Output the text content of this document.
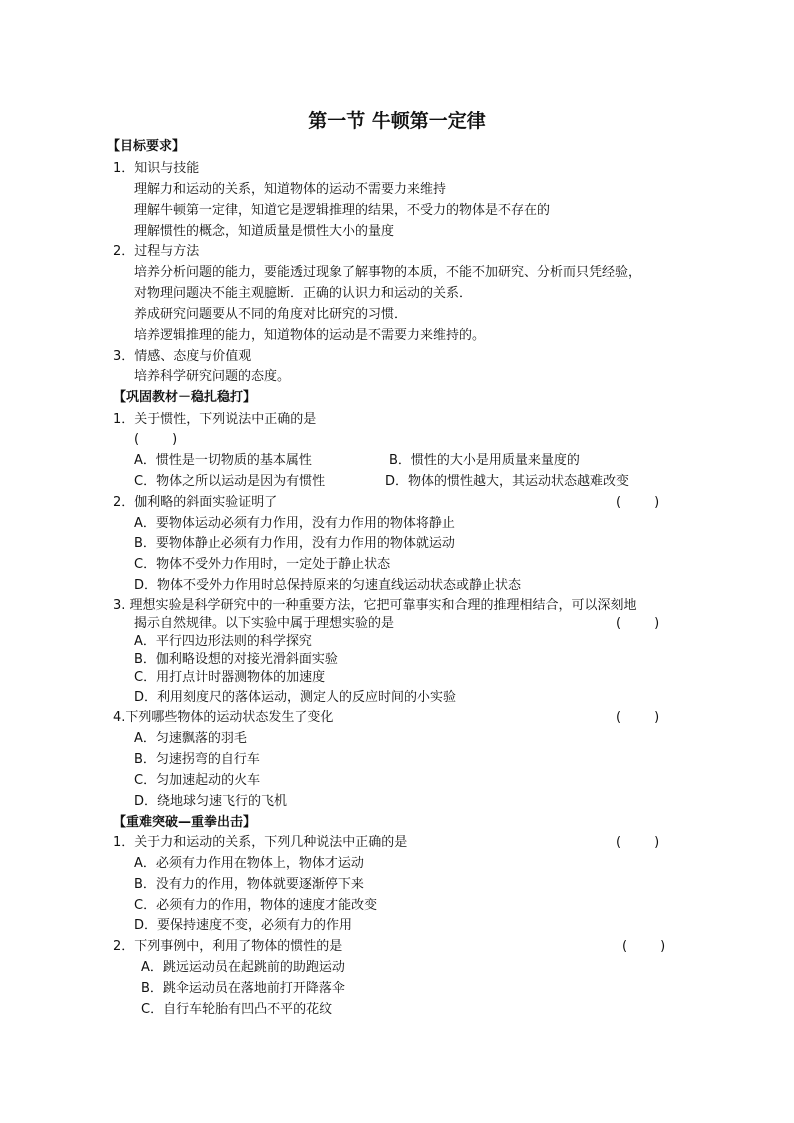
第一节 牛顿第一定律
【目标要求】
1．知识与技能
理解力和运动的关系，知道物体的运动不需要力来维持
理解牛顿第一定律，知道它是逻辑推理的结果，不受力的物体是不存在的
理解惯性的概念，知道质量是惯性大小的量度
2．过程与方法
培养分析问题的能力，要能透过现象了解事物的本质，不能不加研究、分析而只凭经验，
对物理问题决不能主观臆断．正确的认识力和运动的关系．
养成研究问题要从不同的角度对比研究的习惯．
培养逻辑推理的能力，知道物体的运动是不需要力来维持的。
3．情感、态度与价值观
培养科学研究问题的态度。
【巩固教材－稳扎稳打】
1．关于惯性，下列说法中正确的是
(        )
A．惯性是一切物质的基本属性	B．惯性的大小是用质量来量度的
C．物体之所以运动是因为有惯性	D．物体的惯性越大，其运动状态越难改变
2．伽利略的斜面实验证明了	(        )
A．要物体运动必须有力作用，没有力作用的物体将静止
B．要物体静止必须有力作用，没有力作用的物体就运动
C．物体不受外力作用时，一定处于静止状态
D．物体不受外力作用时总保持原来的匀速直线运动状态或静止状态
3. 理想实验是科学研究中的一种重要方法，它把可靠事实和合理的推理相结合，可以深刻地
揭示自然规律。以下实验中属于理想实验的是	(        )
A．平行四边形法则的科学探究
B．伽利略设想的对接光滑斜面实验
C．用打点计时器测物体的加速度
D．利用刻度尺的落体运动，测定人的反应时间的小实验
4.下列哪些物体的运动状态发生了变化	(        )
A．匀速飘落的羽毛
B．匀速拐弯的自行车
C．匀加速起动的火车
D．绕地球匀速飞行的飞机
【重难突破—重拳出击】
1．关于力和运动的关系，下列几种说法中正确的是	(        )
A．必须有力作用在物体上，物体才运动
B．没有力的作用，物体就要逐渐停下来
C．必须有力的作用，物体的速度才能改变
D．要保持速度不变，必须有力的作用
2．下列事例中，利用了物体的惯性的是	(        )
A．跳远运动员在起跳前的助跑运动
B．跳伞运动员在落地前打开降落伞
C．自行车轮胎有凹凸不平的花纹
